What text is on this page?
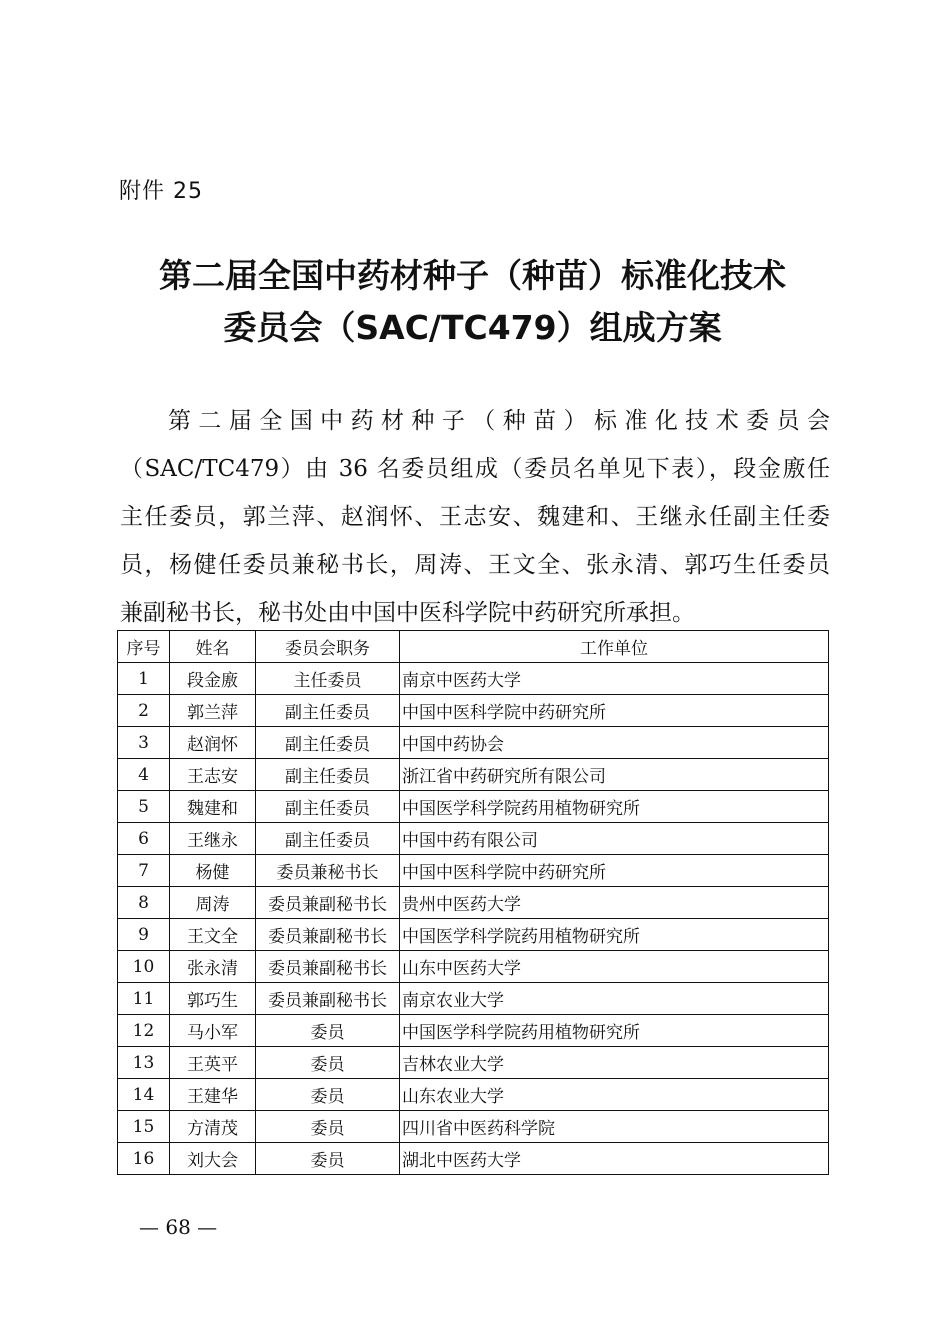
附件 25
第二届全国中药材种子（种苗）标准化技术
委员会（SAC/TC479）组成方案
第二届全国中药材种子（种苗）标准化技术委员会
（SAC/TC479）由 36 名委员组成（委员名单见下表），段金廒任
主任委员，郭兰萍、赵润怀、王志安、魏建和、王继永任副主任委
员，杨健任委员兼秘书长，周涛、王文全、张永清、郭巧生任委员
兼副秘书长，秘书处由中国中医科学院中药研究所承担。
序号	姓名	委员会职务	工作单位
1	段金廒	主任委员	南京中医药大学
2	郭兰萍	副主任委员	中国中医科学院中药研究所
3	赵润怀	副主任委员	中国中药协会
4	王志安	副主任委员	浙江省中药研究所有限公司
5	魏建和	副主任委员	中国医学科学院药用植物研究所
6	王继永	副主任委员	中国中药有限公司
7	杨健	委员兼秘书长	中国中医科学院中药研究所
8	周涛	委员兼副秘书长	贵州中医药大学
9	王文全	委员兼副秘书长	中国医学科学院药用植物研究所
10	张永清	委员兼副秘书长	山东中医药大学
11	郭巧生	委员兼副秘书长	南京农业大学
12	马小军	委员	中国医学科学院药用植物研究所
13	王英平	委员	吉林农业大学
14	王建华	委员	山东农业大学
15	方清茂	委员	四川省中医药科学院
16	刘大会	委员	湖北中医药大学
— 68 —
